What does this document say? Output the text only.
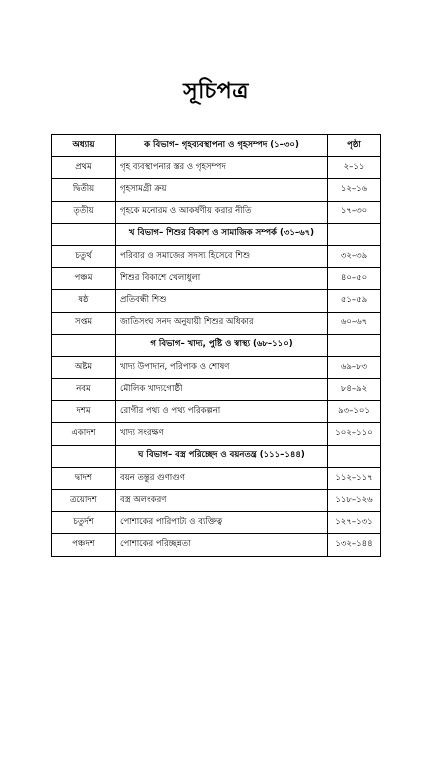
সূচিপত্র
অধ্যায়	ক বিভাগ– গৃহব্যবস্থাপনা ও গৃহসম্পদ (১–৩০)	পৃষ্ঠা
প্রথম	গৃহ ব্যবস্থাপনার স্তর ও গৃহসম্পদ	২–১১
দ্বিতীয়	গৃহসামগ্রী ক্রয়	১২–১৬
তৃতীয়	গৃহকে মনোরম ও আকর্ষণীয় করার নীতি	১৭–৩০
	খ বিভাগ– শিশুর বিকাশ ও সামাজিক সম্পর্ক (৩১–৬৭)	
চতুর্থ	পরিবার ও সমাজের সদস্য হিসেবে শিশু	৩২–৩৯
পঞ্চম	শিশুর বিকাশে খেলাধুলা	৪০–৫০
ষষ্ঠ	প্রতিবন্ধী শিশু	৫১–৫৯
সপ্তম	জাতিসংঘ সনদ অনুযায়ী শিশুর অধিকার	৬০–৬৭
	গ বিভাগ– খাদ্য, পুষ্টি ও স্বাস্থ্য (৬৮–১১০)	
অষ্টম	খাদ্য উপাদান, পরিপাক ও শোষণ	৬৯–৮৩
নবম	মৌলিক খাদ্যগোষ্ঠী	৮৪–৯২
দশম	রোগীর পথ্য ও পথ্য পরিকল্পনা	৯৩–১০১
একাদশ	খাদ্য সংরক্ষণ	১০২–১১০
	ঘ বিভাগ– বস্ত্র পরিচ্ছেদ ও বয়নতন্ত্র (১১১–১৪৪)	
দ্বাদশ	বয়ন তন্তুর গুণাগুণ	১১২–১১৭
ত্রয়োদশ	বস্ত্র অলংকরণ	১১৮–১২৬
চতুর্দশ	পোশাকের পারিপাট্য ও ব্যক্তিত্ব	১২৭–১৩১
পঞ্চদশ	পোশাকের পরিচ্ছন্নতা	১৩২–১৪৪
